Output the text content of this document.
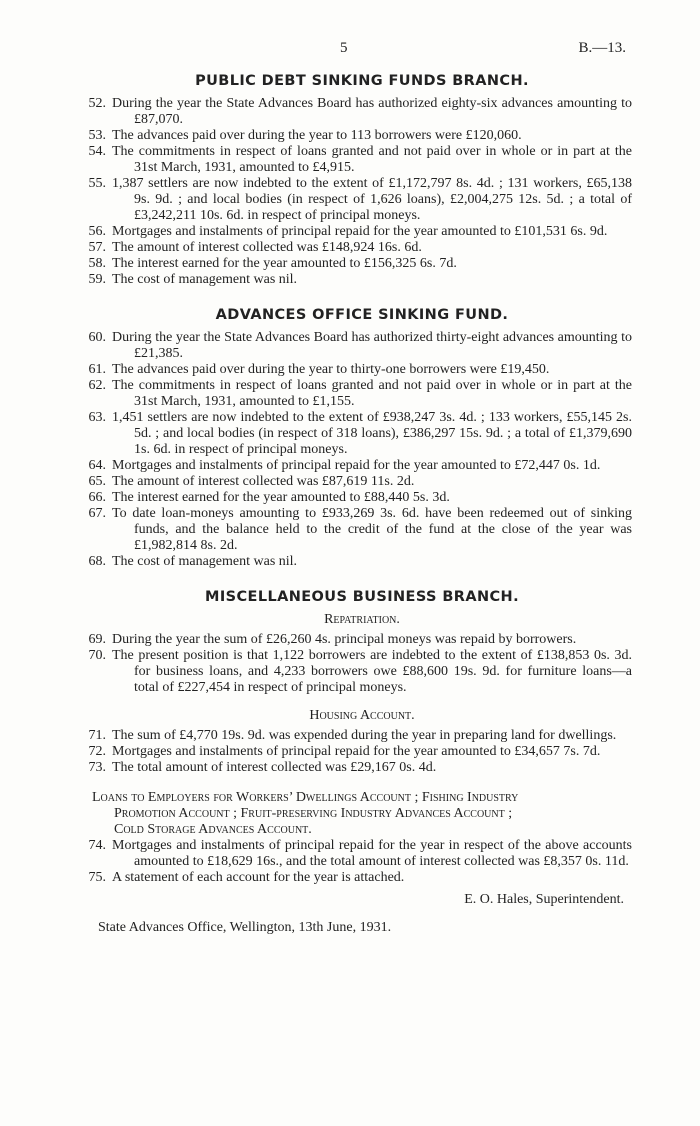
5	B.—13.
PUBLIC DEBT SINKING FUNDS BRANCH.
52. During the year the State Advances Board has authorized eighty-six advances amounting to £87,070.
53. The advances paid over during the year to 113 borrowers were £120,060.
54. The commitments in respect of loans granted and not paid over in whole or in part at the 31st March, 1931, amounted to £4,915.
55. 1,387 settlers are now indebted to the extent of £1,172,797 8s. 4d. ; 131 workers, £65,138 9s. 9d. ; and local bodies (in respect of 1,626 loans), £2,004,275 12s. 5d. ; a total of £3,242,211 10s. 6d. in respect of principal moneys.
56. Mortgages and instalments of principal repaid for the year amounted to £101,531 6s. 9d.
57. The amount of interest collected was £148,924 16s. 6d.
58. The interest earned for the year amounted to £156,325 6s. 7d.
59. The cost of management was nil.
ADVANCES OFFICE SINKING FUND.
60. During the year the State Advances Board has authorized thirty-eight advances amounting to £21,385.
61. The advances paid over during the year to thirty-one borrowers were £19,450.
62. The commitments in respect of loans granted and not paid over in whole or in part at the 31st March, 1931, amounted to £1,155.
63. 1,451 settlers are now indebted to the extent of £938,247 3s. 4d. ; 133 workers, £55,145 2s. 5d. ; and local bodies (in respect of 318 loans), £386,297 15s. 9d. ; a total of £1,379,690 1s. 6d. in respect of principal moneys.
64. Mortgages and instalments of principal repaid for the year amounted to £72,447 0s. 1d.
65. The amount of interest collected was £87,619 11s. 2d.
66. The interest earned for the year amounted to £88,440 5s. 3d.
67. To date loan-moneys amounting to £933,269 3s. 6d. have been redeemed out of sinking funds, and the balance held to the credit of the fund at the close of the year was £1,982,814 8s. 2d.
68. The cost of management was nil.
MISCELLANEOUS BUSINESS BRANCH.
Repatriation.
69. During the year the sum of £26,260 4s. principal moneys was repaid by borrowers.
70. The present position is that 1,122 borrowers are indebted to the extent of £138,853 0s. 3d. for business loans, and 4,233 borrowers owe £88,600 19s. 9d. for furniture loans—a total of £227,454 in respect of principal moneys.
Housing Account.
71. The sum of £4,770 19s. 9d. was expended during the year in preparing land for dwellings.
72. Mortgages and instalments of principal repaid for the year amounted to £34,657 7s. 7d.
73. The total amount of interest collected was £29,167 0s. 4d.
Loans to Employers for Workers’ Dwellings Account ; Fishing Industry
Promotion Account ; Fruit-preserving Industry Advances Account ;
Cold Storage Advances Account.
74. Mortgages and instalments of principal repaid for the year in respect of the above accounts amounted to £18,629 16s., and the total amount of interest collected was £8,357 0s. 11d.
75. A statement of each account for the year is attached.
E. O. Hales, Superintendent.
State Advances Office, Wellington, 13th June, 1931.
